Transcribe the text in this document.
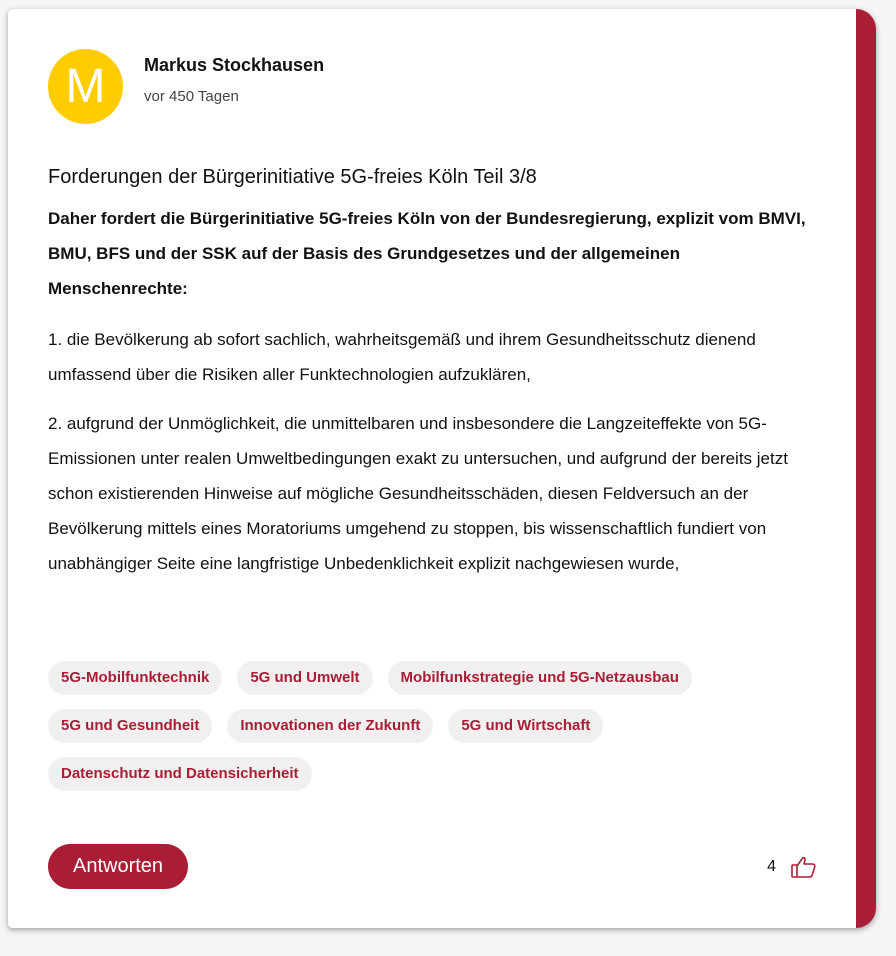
M Markus Stockhausen
vor 450 Tagen
Forderungen der Bürgerinitiative 5G-freies Köln Teil 3/8

Daher fordert die Bürgerinitiative 5G-freies Köln von der Bundesregierung, explizit vom BMVI, BMU, BFS und der SSK auf der Basis des Grundgesetzes und der allgemeinen Menschenrechte:

1. die Bevölkerung ab sofort sachlich, wahrheitsgemäß und ihrem Gesundheitsschutz dienend umfassend über die Risiken aller Funktechnologien aufzuklären,

2. aufgrund der Unmöglichkeit, die unmittelbaren und insbesondere die Langzeiteffekte von 5G-Emissionen unter realen Umweltbedingungen exakt zu untersuchen, und aufgrund der bereits jetzt schon existierenden Hinweise auf mögliche Gesundheitsschäden, diesen Feldversuch an der Bevölkerung mittels eines Moratoriums umgehend zu stoppen, bis wissenschaftlich fundiert von unabhängiger Seite eine langfristige Unbedenklichkeit explizit nachgewiesen wurde,

5G-Mobilfunktechnik	5G und Umwelt	Mobilfunkstrategie und 5G-Netzausbau
5G und Gesundheit	Innovationen der Zukunft	5G und Wirtschaft
Datenschutz und Datensicherheit
Antworten	4
